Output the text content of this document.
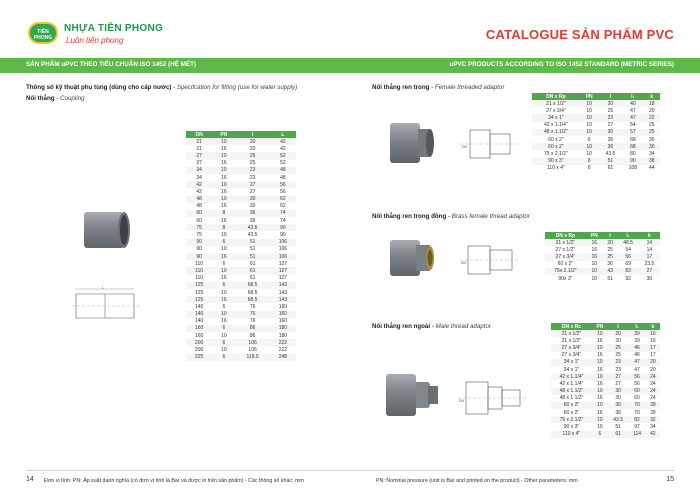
TIỀN PHONG
NHỰA TIỀN PHONG
Luôn tiến phong	CATALOGUE SẢN PHẨM PVC
SẢN PHẨM uPVC THEO TIÊU CHUẨN ISO 1452 (HỆ MÉT)	uPVC PRODUCTS ACCORDING TO ISO 1452 STANDARD (METRIC SERIES)
Thông số kỹ thuật phụ tùng (dùng cho cấp nước) - Specifcation for fitting (use for water supply)
Nối thẳng - Coupling
DN	PN	l	L
21	10	20	42
21	16	20	42
27	10	25	52
27	16	25	52
34	10	23	48
34	16	23	48
42	10	27	56
42	16	27	56
48	10	30	62
48	16	30	62
60	8	36	74
60	16	36	74
75	8	43.5	90
75	10	43.5	90
90	6	51	106
90	10	51	106
90	16	51	106
110	6	61	127
110	10	61	127
110	16	61	127
125	6	68.5	143
125	10	68.5	143
125	16	68.5	143
140	6	76	160
140	10	76	160
140	16	76	160
160	6	86	180
160	10	86	180
200	6	106	222
200	10	106	222
225	6	118.5	248
L
Nối thẳng ren trong - Female threaded adaptor
DN x Rp	PN	l	l₁	k
21 x 1/2"	10	20	40	18
27 x 3/4"	10	25	47	20
34 x 1"	10	23	47	22
42 x 1.1/4"	10	27	54	25
48 x 1.1/2"	10	30	57	25
60 x 2"	6	36	68	30
60 x 2"	10	36	68	30
75 x 2.1/2"	10	43.5	80	34
90 x 3"	6	51	90	38
110 x 4"	6	61	108	44
DN
Nối thẳng ren trong đồng - Brass female thread adaptor
DN x Rp	PN	l	l₁	k
21 x 1/2"	16	20	48.5	14
27 x 1/2"	16	25	54	14
27 x 3/4"	16	25	56	17
60 x 2"	10	36	69	23.5
75x 2.1/2"	10	43	83	27
90x 3"	10	51	92	30
DN
Nối thẳng ren ngoài - Male thread adaptor	DN x Rc	PN	l	l₁	k
21 x 1/2"	10	20	39	16
21 x 1/2"	16	20	39	16
27 x 3/4"	10	25	46	17
27 x 3/4"	16	25	46	17
34 x 1"	10	23	47	20
34 x 1"	16	23	47	20
42 x 1.1/4"	10	27	56	24
42 x 1.1/4"	16	27	56	24
48 x 1.1/2"	10	30	60	24
48 x 1.1/2"	16	30	60	24
60 x 2"	10	36	70	28
60 x 2"	16	36	70	28
75 x 2.1/2"	10	43.5	82	32
90 x 3"	10	51	97	34
110 x 4"	6	61	114	42
DN
14 Đơn vị tính: PN: Áp suất danh nghĩa (có đơn vị tính là Bar và được in trên sản phẩm) - Các thông số khác: mm	PN: Nominal pressure (unit is Bar and printed on the product) - Other parameters: mm	15
